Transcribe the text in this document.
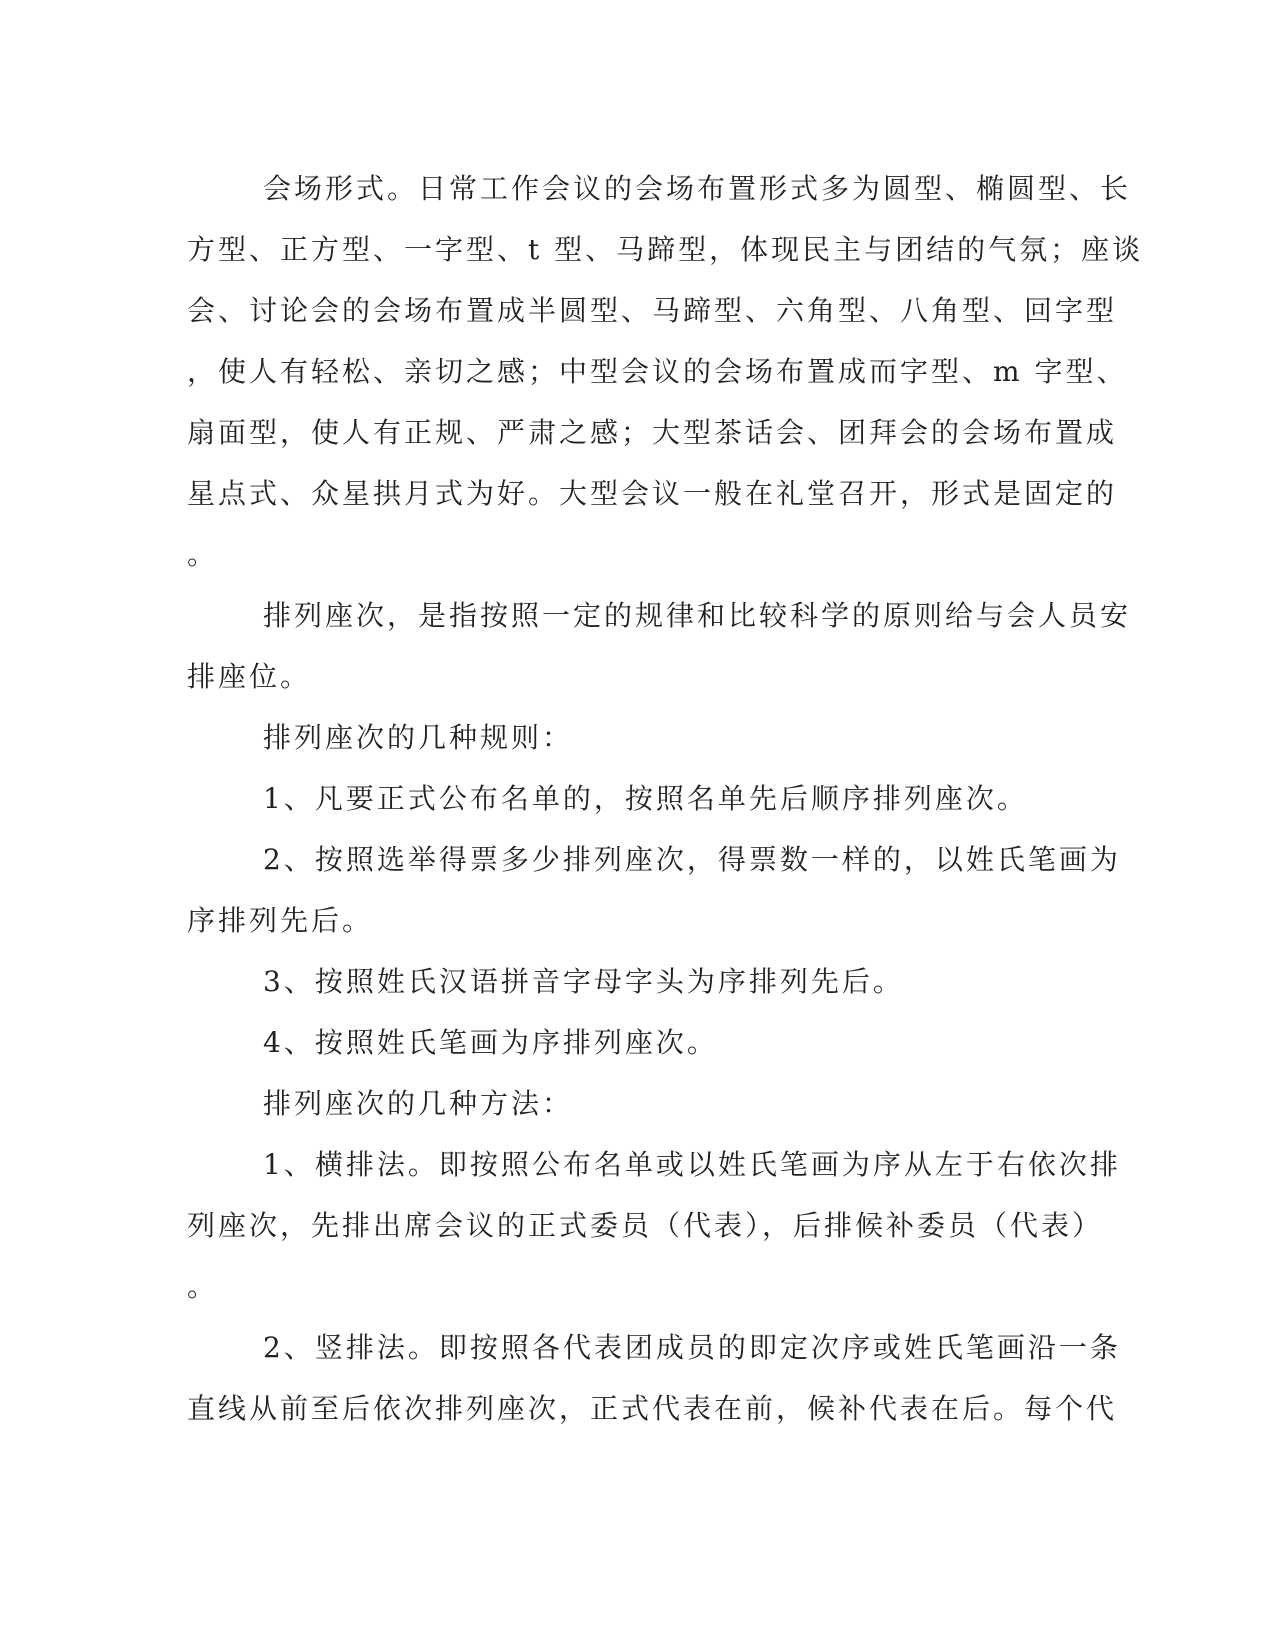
会场形式。日常工作会议的会场布置形式多为圆型、椭圆型、长
方型、正方型、一字型、t 型、马蹄型，体现民主与团结的气氛；座谈
会、讨论会的会场布置成半圆型、马蹄型、六角型、八角型、回字型
，使人有轻松、亲切之感；中型会议的会场布置成而字型、m 字型、
扇面型，使人有正规、严肃之感；大型茶话会、团拜会的会场布置成
星点式、众星拱月式为好。大型会议一般在礼堂召开，形式是固定的
。
排列座次，是指按照一定的规律和比较科学的原则给与会人员安
排座位。
排列座次的几种规则：
1、凡要正式公布名单的，按照名单先后顺序排列座次。
2、按照选举得票多少排列座次，得票数一样的，以姓氏笔画为
序排列先后。
3、按照姓氏汉语拼音字母字头为序排列先后。
4、按照姓氏笔画为序排列座次。
排列座次的几种方法：
1、横排法。即按照公布名单或以姓氏笔画为序从左于右依次排
列座次，先排出席会议的正式委员（代表），后排候补委员（代表）
。
2、竖排法。即按照各代表团成员的即定次序或姓氏笔画沿一条
直线从前至后依次排列座次，正式代表在前，候补代表在后。每个代
